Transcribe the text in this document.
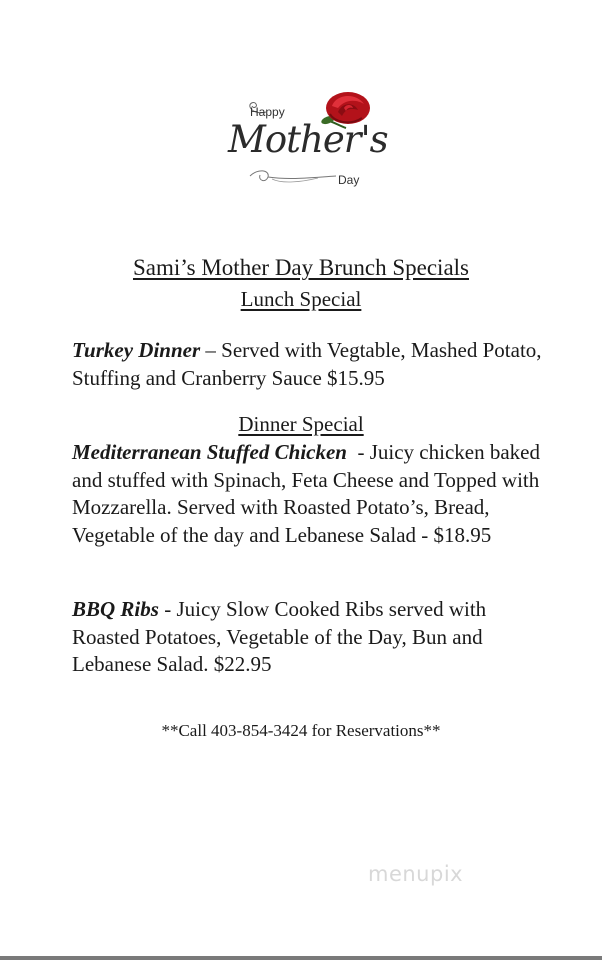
Happy
Mother's
Day
Sami’s Mother Day Brunch Specials
Lunch Special
Turkey Dinner – Served with Vegtable, Mashed Potato, Stuffing and Cranberry Sauce $15.95
Dinner Special
Mediterranean Stuffed Chicken  - Juicy chicken baked and stuffed with Spinach, Feta Cheese and Topped with Mozzarella. Served with Roasted Potato’s, Bread, Vegetable of the day and Lebanese Salad - $18.95
BBQ Ribs - Juicy Slow Cooked Ribs served with Roasted Potatoes, Vegetable of the Day, Bun and Lebanese Salad. $22.95
**Call 403-854-3424 for Reservations**
menupix
